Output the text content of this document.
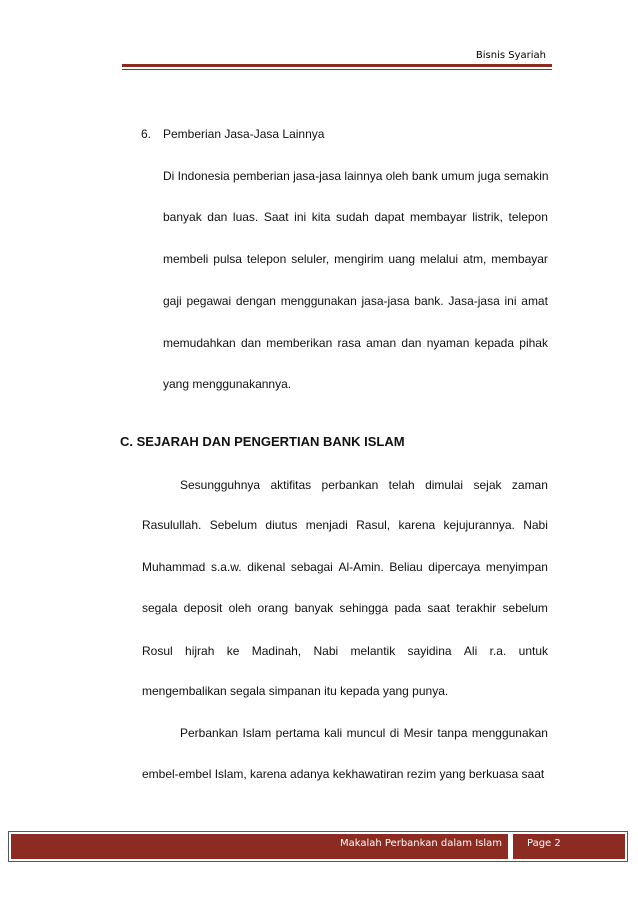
Bisnis Syariah
6. Pemberian Jasa-Jasa Lainnya
Di Indonesia pemberian jasa-jasa lainnya oleh bank umum juga semakin
banyak dan luas. Saat ini kita sudah dapat membayar listrik, telepon
membeli pulsa telepon seluler, mengirim uang melalui atm, membayar
gaji pegawai dengan menggunakan jasa-jasa bank. Jasa-jasa ini amat
memudahkan dan memberikan rasa aman dan nyaman kepada pihak
yang menggunakannya.
C. SEJARAH DAN PENGERTIAN BANK ISLAM
Sesungguhnya aktifitas perbankan telah dimulai sejak zaman
Rasulullah. Sebelum diutus menjadi Rasul, karena kejujurannya. Nabi
Muhammad s.a.w. dikenal sebagai Al-Amin. Beliau dipercaya menyimpan
segala deposit oleh orang banyak sehingga pada saat terakhir sebelum
Rosul hijrah ke Madinah, Nabi melantik sayidina Ali r.a. untuk
mengembalikan segala simpanan itu kepada yang punya.
Perbankan Islam pertama kali muncul di Mesir tanpa menggunakan
embel-embel Islam, karena adanya kekhawatiran rezim yang berkuasa saat
Makalah Perbankan dalam Islam	Page 2
